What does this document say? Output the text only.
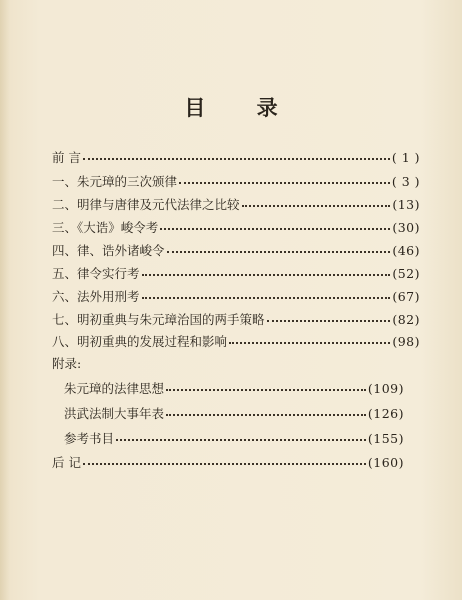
目 录
前 言	( 1 )
一、朱元璋的三次颁律	( 3 )
二、明律与唐律及元代法律之比较	(13)
三、《大诰》峻令考	(30)
四、律、诰外诸峻令	(46)
五、律令实行考	(52)
六、法外用刑考	(67)
七、明初重典与朱元璋治国的两手策略	(82)
八、明初重典的发展过程和影响	(98)
附录:
朱元璋的法律思想	(109)
洪武法制大事年表	(126)
参考书目	(155)
后 记	(160)
